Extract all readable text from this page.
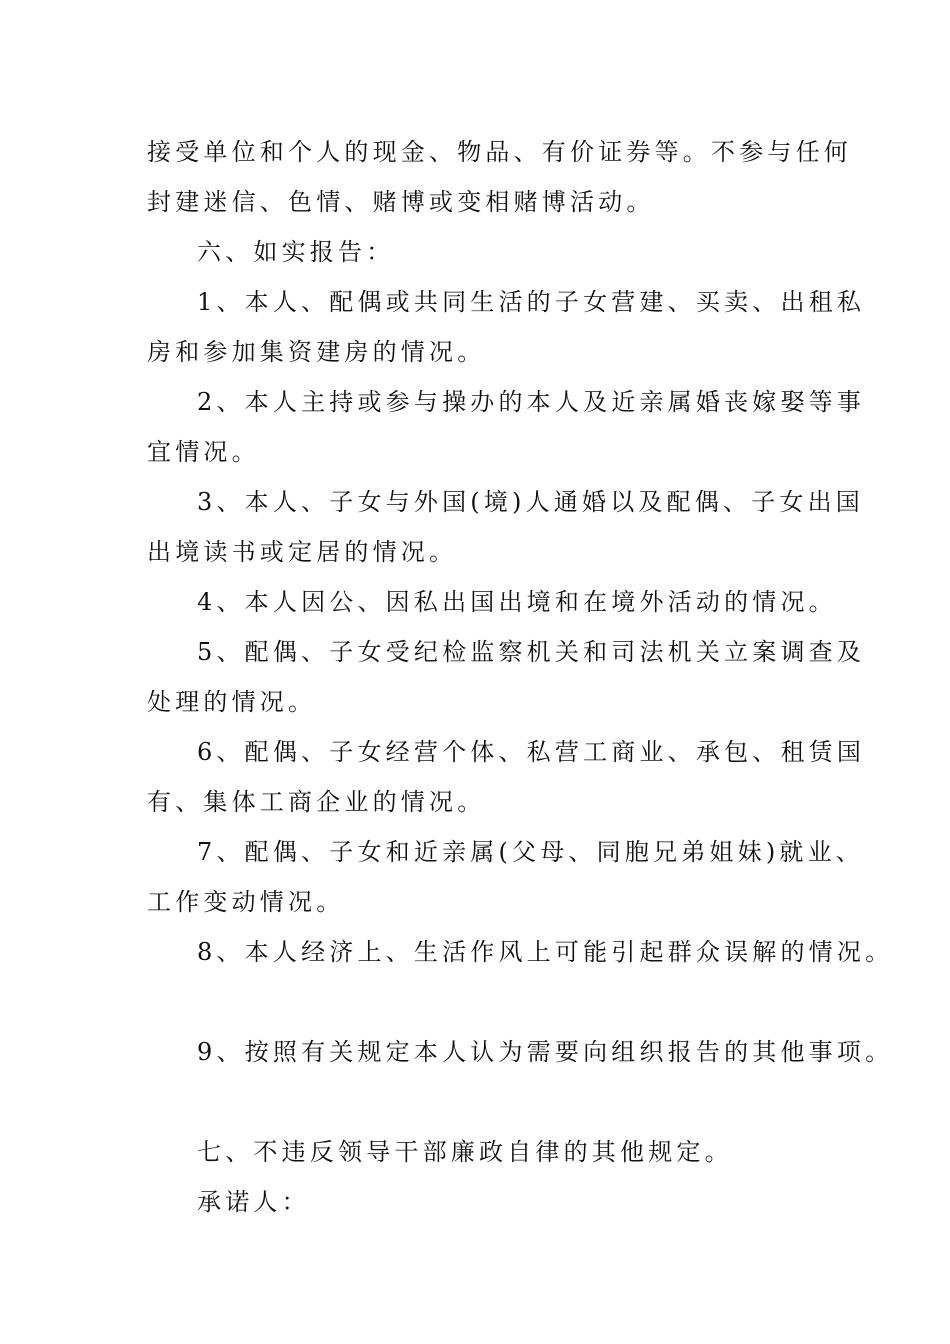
接受单位和个人的现金、物品、有价证券等。不参与任何
封建迷信、色情、赌博或变相赌博活动。
六、如实报告：
1、本人、配偶或共同生活的子女营建、买卖、出租私
房和参加集资建房的情况。
2、本人主持或参与操办的本人及近亲属婚丧嫁娶等事
宜情况。
3、本人、子女与外国(境)人通婚以及配偶、子女出国
出境读书或定居的情况。
4、本人因公、因私出国出境和在境外活动的情况。
5、配偶、子女受纪检监察机关和司法机关立案调查及
处理的情况。
6、配偶、子女经营个体、私营工商业、承包、租赁国
有、集体工商企业的情况。
7、配偶、子女和近亲属(父母、同胞兄弟姐妹)就业、
工作变动情况。
8、本人经济上、生活作风上可能引起群众误解的情况。
9、按照有关规定本人认为需要向组织报告的其他事项。
七、不违反领导干部廉政自律的其他规定。
承诺人：
